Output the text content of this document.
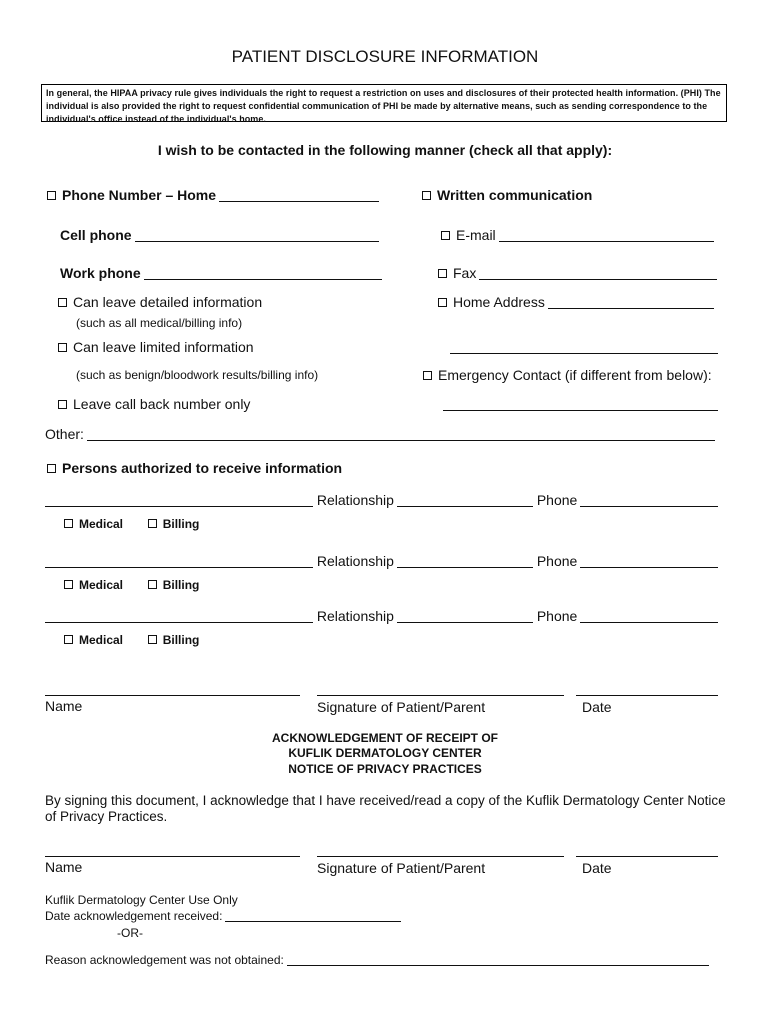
PATIENT DISCLOSURE INFORMATION
In general, the HIPAA privacy rule gives individuals the right to request a restriction on uses and disclosures of their protected health information. (PHI) The individual is also provided the right to request confidential communication of PHI be made by alternative means, such as sending correspondence to the individual's office instead of the individual's home.
I wish to be contacted in the following manner (check all that apply):
Phone Number – Home
Cell phone
Work phone
Can leave detailed information
(such as all medical/billing info)
Can leave limited information
(such as benign/bloodwork results/billing info)
Leave call back number only
Written communication
E-mail
Fax
Home Address
Emergency Contact (if different from below):
Other:
Persons authorized to receive information
Relationship	Phone
Medical	Billing
Relationship	Phone
Medical	Billing
Relationship	Phone
Medical	Billing
Name	Signature of Patient/Parent	Date
ACKNOWLEDGEMENT OF RECEIPT OF
KUFLIK DERMATOLOGY CENTER
NOTICE OF PRIVACY PRACTICES
By signing this document, I acknowledge that I have received/read a copy of the Kuflik Dermatology Center Notice of Privacy Practices.
Name	Signature of Patient/Parent	Date
Kuflik Dermatology Center Use Only
Date acknowledgement received:
-OR-
Reason acknowledgement was not obtained:
